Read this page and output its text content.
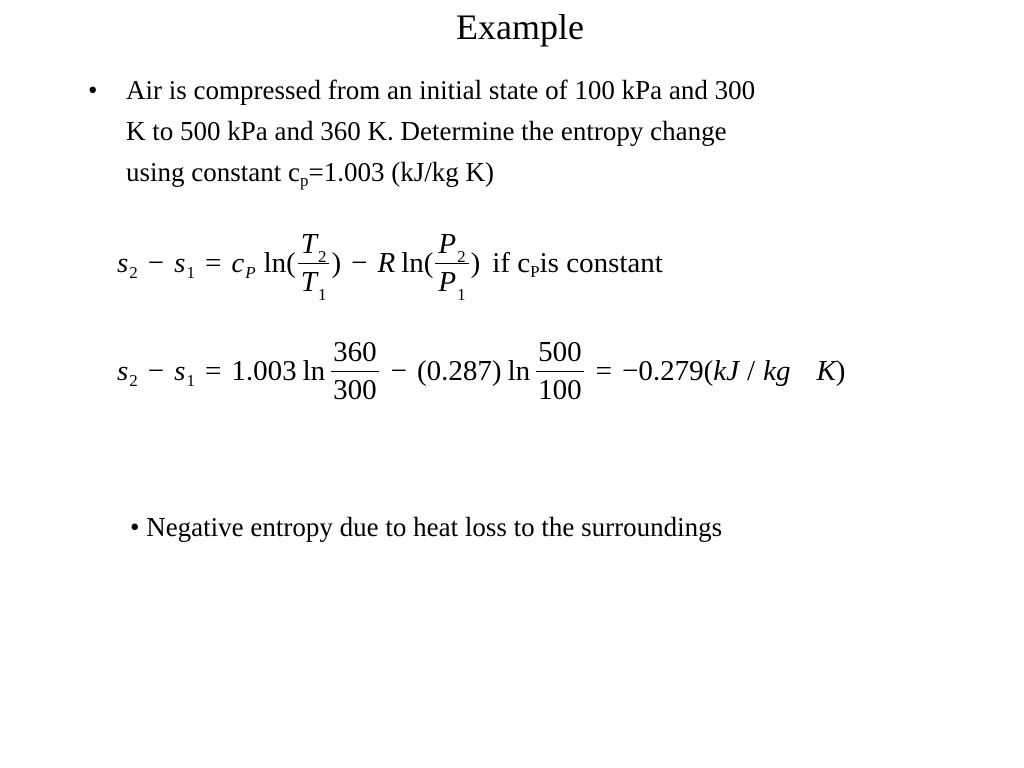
Example
• Air is compressed from an initial state of 100 kPa and 300
K to 500 kPa and 360 K. Determine the entropy change
using constant cp=1.003 (kJ/kg K)
s 2 − s 1 = c P $\ln( \frac{T_2}{T_1}$ ) − R $\ln( \frac{P_2}{P_1}$ ) if cPis constant
s 2 − s 1 = 1.003 $\ln \frac{360}{300} - (0.287)$ $\ln \frac{500}{100} = -0.279$ ( kJ / kg K )
• Negative entropy due to heat loss to the surroundings
